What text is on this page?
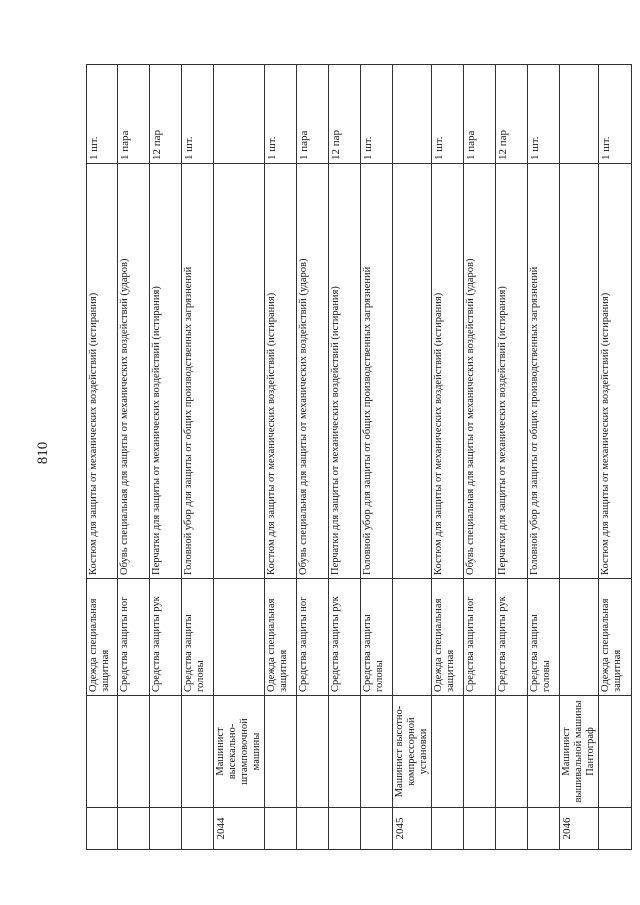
810
		Одежда специальная защитная	Костюм для защиты от механических воздействий (истирания)	1 шт.
		Средства защиты ног	Обувь специальная для защиты от механических воздействий (ударов)	1 пара
		Средства защиты рук	Перчатки для защиты от механических воздействий (истирания)	12 пар
		Средства защиты головы	Головной убор для защиты от общих производственных загрязнений	1 шт.
2044	Машинист высекально-штамповочной машины			
		Одежда специальная защитная	Костюм для защиты от механических воздействий (истирания)	1 шт.
		Средства защиты ног	Обувь специальная для защиты от механических воздействий (ударов)	1 пара
		Средства защиты рук	Перчатки для защиты от механических воздействий (истирания)	12 пар
		Средства защиты головы	Головной убор для защиты от общих производственных загрязнений	1 шт.
2045	Машинист высотно-компрессорной установки			
		Одежда специальная защитная	Костюм для защиты от механических воздействий (истирания)	1 шт.
		Средства защиты ног	Обувь специальная для защиты от механических воздействий (ударов)	1 пара
		Средства защиты рук	Перчатки для защиты от механических воздействий (истирания)	12 пар
		Средства защиты головы	Головной убор для защиты от общих производственных загрязнений	1 шт.
2046	Машинист вышивальной машины Пантограф			
		Одежда специальная защитная	Костюм для защиты от механических воздействий (истирания)	1 шт.
